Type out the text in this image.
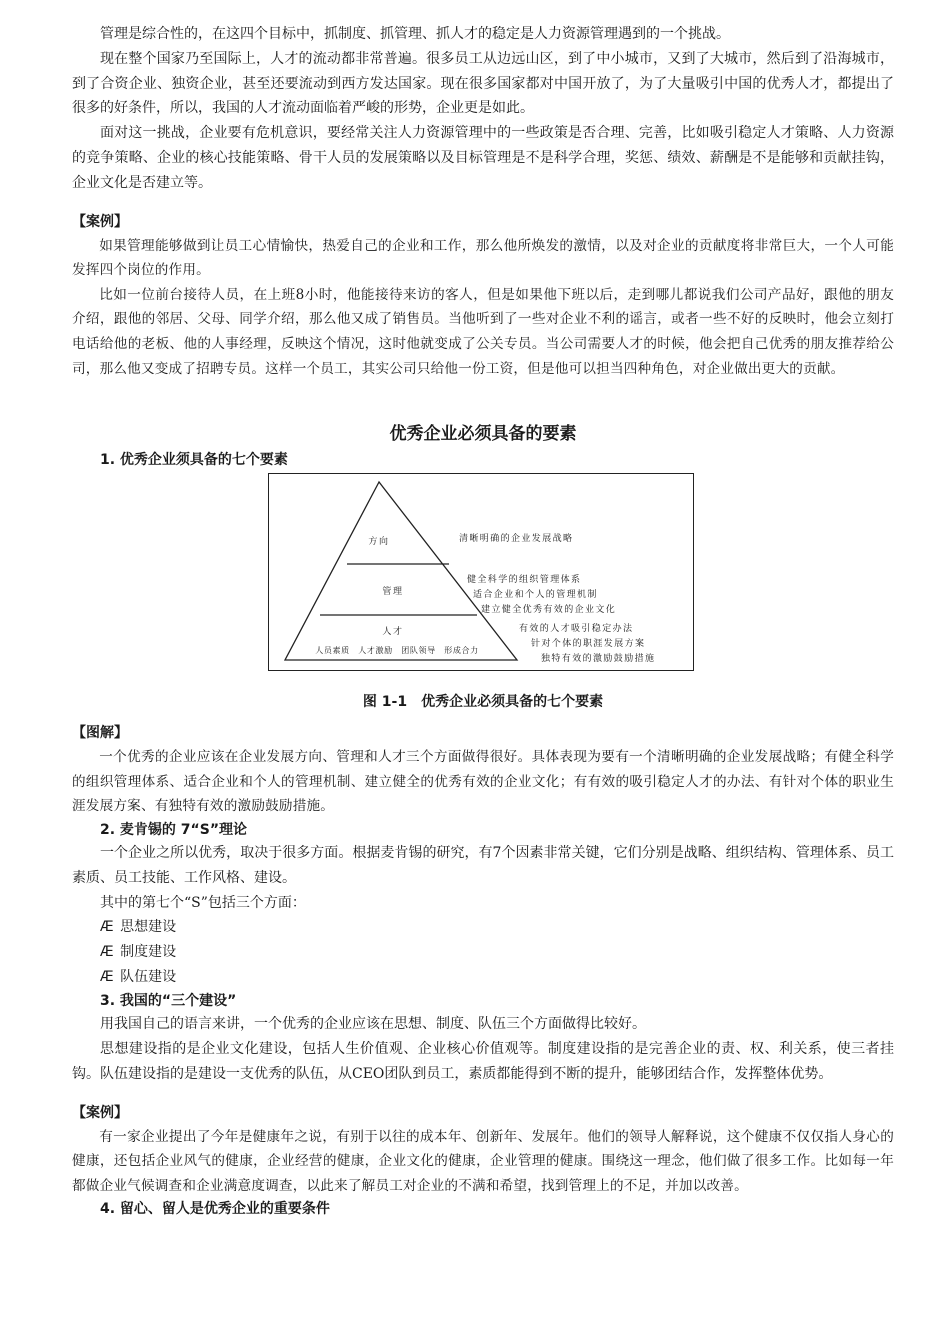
管理是综合性的，在这四个目标中，抓制度、抓管理、抓人才的稳定是人力资源管理遇到的一个挑战。

现在整个国家乃至国际上，人才的流动都非常普遍。很多员工从边远山区，到了中小城市，又到了大城市，然后到了沿海城市，到了合资企业、独资企业，甚至还要流动到西方发达国家。现在很多国家都对中国开放了，为了大量吸引中国的优秀人才，都提出了很多的好条件，所以，我国的人才流动面临着严峻的形势，企业更是如此。

面对这一挑战，企业要有危机意识，要经常关注人力资源管理中的一些政策是否合理、完善，比如吸引稳定人才策略、人力资源的竞争策略、企业的核心技能策略、骨干人员的发展策略以及目标管理是不是科学合理，奖惩、绩效、薪酬是不是能够和贡献挂钩，企业文化是否建立等。

【案例】

如果管理能够做到让员工心情愉快，热爱自己的企业和工作，那么他所焕发的激情，以及对企业的贡献度将非常巨大，一个人可能发挥四个岗位的作用。

比如一位前台接待人员，在上班8小时，他能接待来访的客人，但是如果他下班以后，走到哪儿都说我们公司产品好，跟他的朋友介绍，跟他的邻居、父母、同学介绍，那么他又成了销售员。当他听到了一些对企业不利的谣言，或者一些不好的反映时，他会立刻打电话给他的老板、他的人事经理，反映这个情况，这时他就变成了公关专员。当公司需要人才的时候，他会把自己优秀的朋友推荐给公司，那么他又变成了招聘专员。这样一个员工，其实公司只给他一份工资，但是他可以担当四种角色，对企业做出更大的贡献。

优秀企业必须具备的要素
1. 优秀企业须具备的七个要素
方向
管理
人才
人员素质　人才激励　团队领导　形成合力
清晰明确的企业发展战略
健全科学的组织管理体系
适合企业和个人的管理机制
建立健全优秀有效的企业文化
有效的人才吸引稳定办法
针对个体的职涯发展方案
独特有效的激励鼓励措施
图 1-1　优秀企业必须具备的七个要素
【图解】

一个优秀的企业应该在企业发展方向、管理和人才三个方面做得很好。具体表现为要有一个清晰明确的企业发展战略；有健全科学的组织管理体系、适合企业和个人的管理机制、建立健全的优秀有效的企业文化；有有效的吸引稳定人才的办法、有针对个体的职业生涯发展方案、有独特有效的激励鼓励措施。

2. 麦肯锡的 7“S”理论

一个企业之所以优秀，取决于很多方面。根据麦肯锡的研究，有7个因素非常关键，它们分别是战略、组织结构、管理体系、员工素质、员工技能、工作风格、建设。

其中的第七个“S”包括三个方面：

Æ 思想建设
Æ 制度建设
Æ 队伍建设
3. 我国的“三个建设”

用我国自己的语言来讲，一个优秀的企业应该在思想、制度、队伍三个方面做得比较好。

思想建设指的是企业文化建设，包括人生价值观、企业核心价值观等。制度建设指的是完善企业的责、权、利关系，使三者挂钩。队伍建设指的是建设一支优秀的队伍，从CEO团队到员工，素质都能得到不断的提升，能够团结合作，发挥整体优势。

【案例】

有一家企业提出了今年是健康年之说，有别于以往的成本年、创新年、发展年。他们的领导人解释说，这个健康不仅仅指人身心的健康，还包括企业风气的健康，企业经营的健康，企业文化的健康，企业管理的健康。围绕这一理念，他们做了很多工作。比如每一年都做企业气候调查和企业满意度调查，以此来了解员工对企业的不满和希望，找到管理上的不足，并加以改善。

4. 留心、留人是优秀企业的重要条件
